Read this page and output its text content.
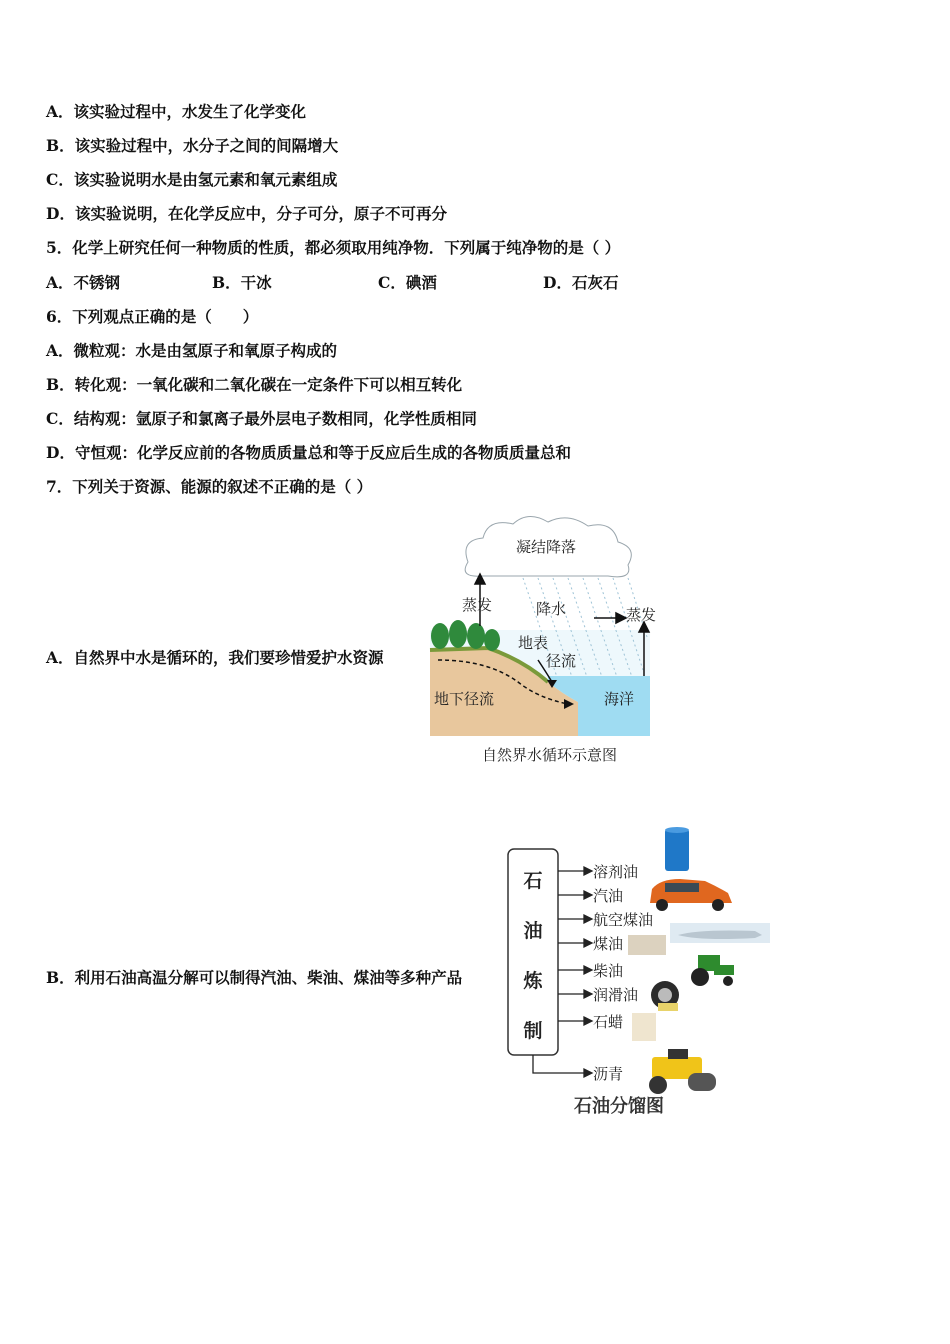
A．该实验过程中，水发生了化学变化
B．该实验过程中，水分子之间的间隔增大
C．该实验说明水是由氢元素和氧元素组成
D．该实验说明，在化学反应中，分子可分，原子不可再分
5．化学上研究任何一种物质的性质，都必须取用纯净物．下列属于纯净物的是（ ）
A．不锈钢	B．干冰	C．碘酒	D．石灰石
6．下列观点正确的是（　　）
A．微粒观：水是由氢原子和氧原子构成的
B．转化观：一氧化碳和二氧化碳在一定条件下可以相互转化
C．结构观：氩原子和氯离子最外层电子数相同，化学性质相同
D．守恒观：化学反应前的各物质质量总和等于反应后生成的各物质质量总和
7．下列关于资源、能源的叙述不正确的是（ ）
A．自然界中水是循环的，我们要珍惜爱护水资源
B．利用石油高温分解可以制得汽油、柴油、煤油等多种产品
凝结降落
蒸发	降水	蒸发
地表
径流
地下径流	海洋
自然界水循环示意图
石
油
炼
制
溶剂油
汽油
航空煤油
煤油
柴油
润滑油
石蜡
沥青
石油分馏图
